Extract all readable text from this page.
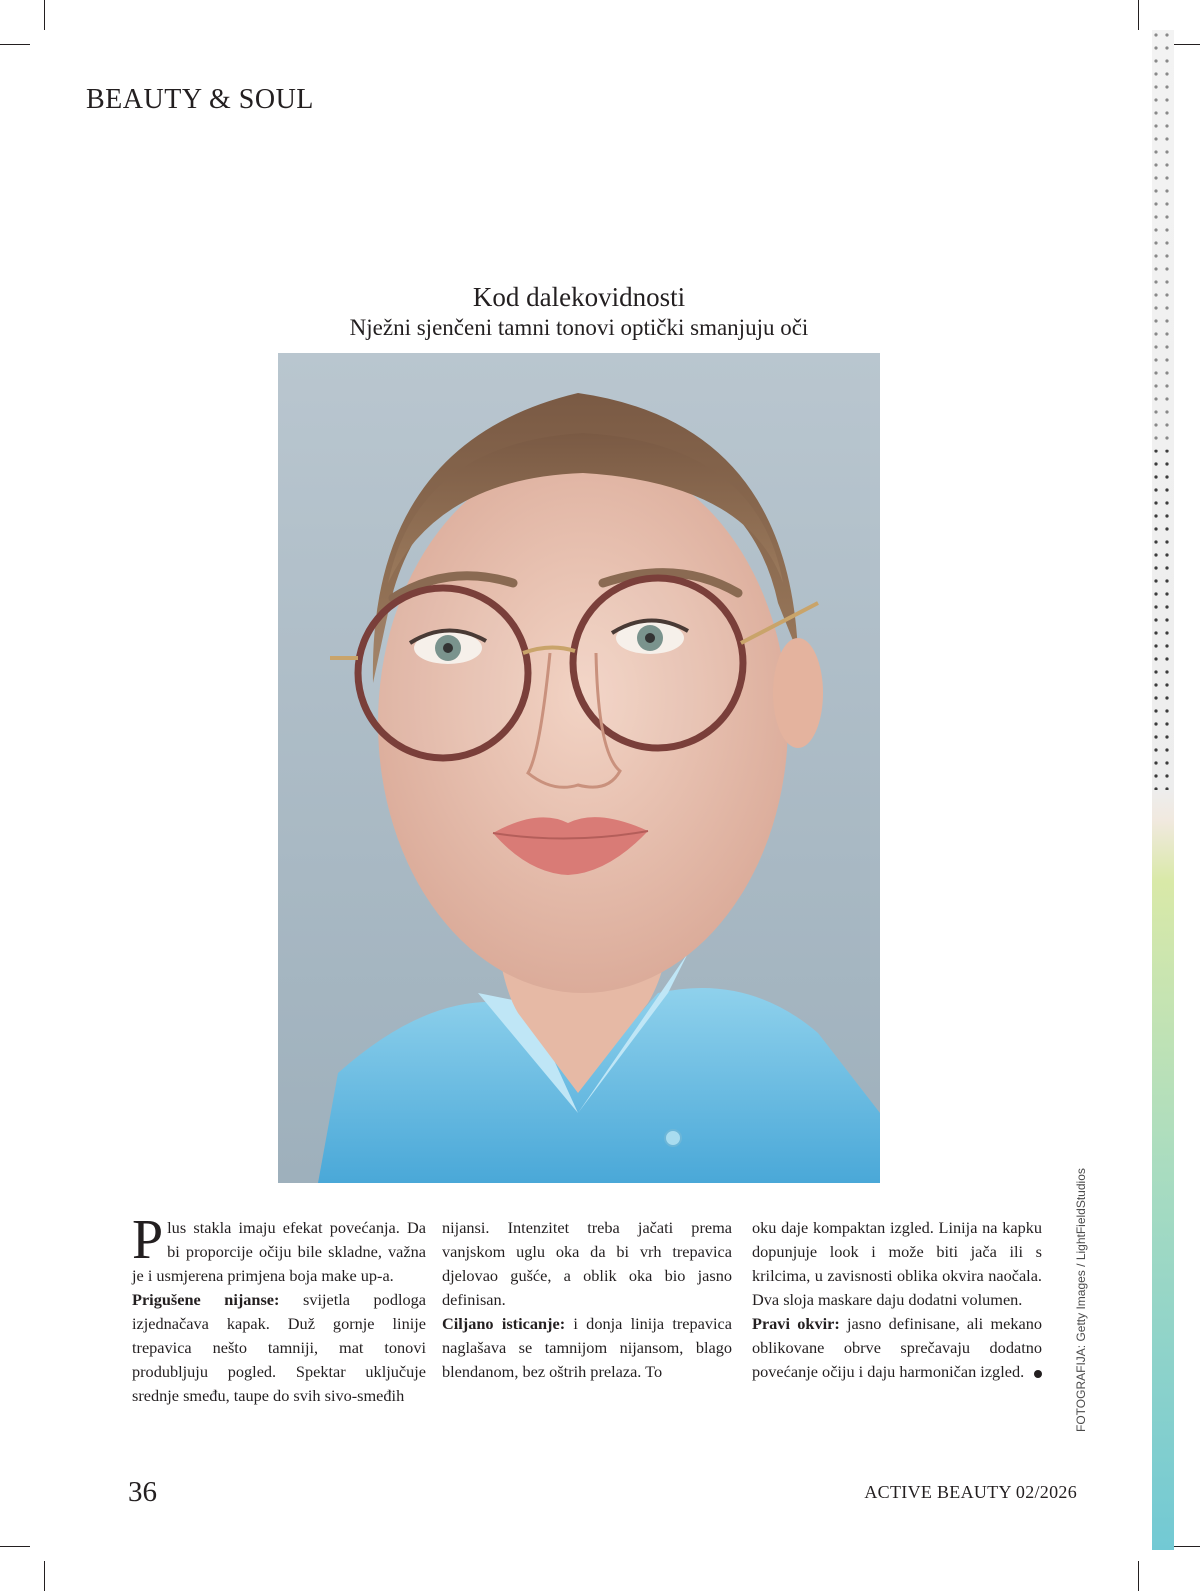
BEAUTY & SOUL
Kod dalekovidnosti
Nježni sjenčeni tamni tonovi optički smanjuju oči
FOTOGRAFIJA: Getty Images / LightFieldStudios

Plus stakla imaju efekat povećanja. Da bi proporcije očiju bile skladne, važna je i usmjerena primjena boja make up-a.

Prigušene nijanse: svijetla podloga izjednačava kapak. Duž gornje linije trepavica nešto tamniji, mat tonovi produbljuju pogled. Spektar uključuje srednje smeđu, taupe do svih sivo-smeđih

nijansi. Intenzitet treba jačati prema vanjskom uglu oka da bi vrh trepavica djelovao gušće, a oblik oka bio jasno definisan.

Ciljano isticanje: i donja linija trepavica naglašava se tamnijom nijansom, blago blendanom, bez oštrih prelaza. To

oku daje kompaktan izgled. Linija na kapku dopunjuje look i može biti jača ili s krilcima, u zavisnosti oblika okvira naočala. Dva sloja maskare daju dodatni volumen.

Pravi okvir: jasno definisane, ali mekano oblikovane obrve sprečavaju dodatno povećanje očiju i daju harmoničan izgled.

36	ACTIVE BEAUTY 02/2026
